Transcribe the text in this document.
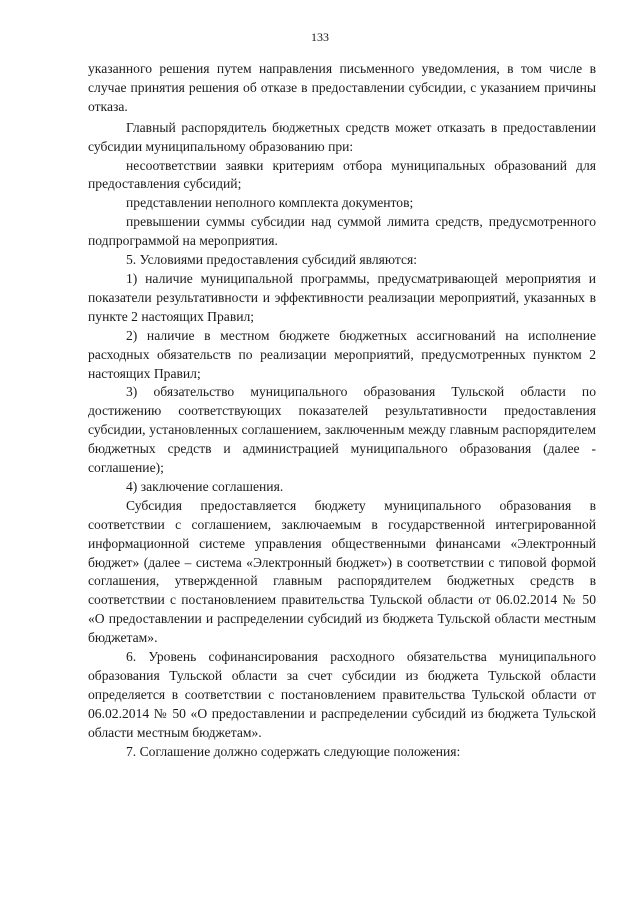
133

указанного решения путем направления письменного уведомления, в том числе в случае принятия решения об отказе в предоставлении субсидии, с указанием причины отказа.

Главный распорядитель бюджетных средств может отказать в предоставлении субсидии муниципальному образованию при:

несоответствии заявки критериям отбора муниципальных образований для предоставления субсидий;

представлении неполного комплекта документов;

превышении суммы субсидии над суммой лимита средств, предусмотренного подпрограммой на мероприятия.

5. Условиями предоставления субсидий являются:

1) наличие муниципальной программы, предусматривающей мероприятия и показатели результативности и эффективности реализации мероприятий, указанных в пункте 2 настоящих Правил;

2) наличие в местном бюджете бюджетных ассигнований на исполнение расходных обязательств по реализации мероприятий, предусмотренных пунктом 2 настоящих Правил;

3) обязательство муниципального образования Тульской области по достижению соответствующих показателей результативности предоставления субсидии, установленных соглашением, заключенным между главным распорядителем бюджетных средств и администрацией муниципального образования (далее - соглашение);

4) заключение соглашения.

Субсидия предоставляется бюджету муниципального образования в соответствии с соглашением, заключаемым в государственной интегрированной информационной системе управления общественными финансами «Электронный бюджет» (далее – система «Электронный бюджет») в соответствии с типовой формой соглашения, утвержденной главным распорядителем бюджетных средств в соответствии с постановлением правительства Тульской области от 06.02.2014 № 50 «О предоставлении и распределении субсидий из бюджета Тульской области местным бюджетам».

6. Уровень софинансирования расходного обязательства муниципального образования Тульской области за счет субсидии из бюджета Тульской области определяется в соответствии с постановлением правительства Тульской области от 06.02.2014 № 50 «О предоставлении и распределении субсидий из бюджета Тульской области местным бюджетам».

7. Соглашение должно содержать следующие положения:
